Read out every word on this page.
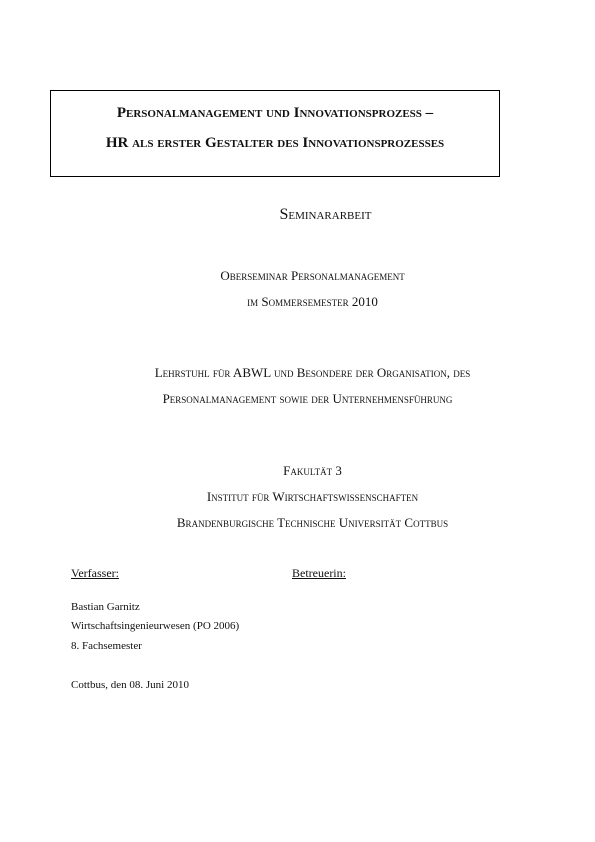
Personalmanagement und Innovationsprozess –
HR als erster Gestalter des Innovationsprozesses
Seminararbeit
Oberseminar Personalmanagement
im Sommersemester 2010
Lehrstuhl für ABWL und Besondere der Organisation, des
Personalmanagement sowie der Unternehmensführung
Fakultät 3
Institut für Wirtschaftswissenschaften
Brandenburgische Technische Universität Cottbus
Verfasser:	Betreuerin:
Bastian Garnitz
Wirtschaftsingenieurwesen (PO 2006)
8. Fachsemester
Cottbus, den 08. Juni 2010
